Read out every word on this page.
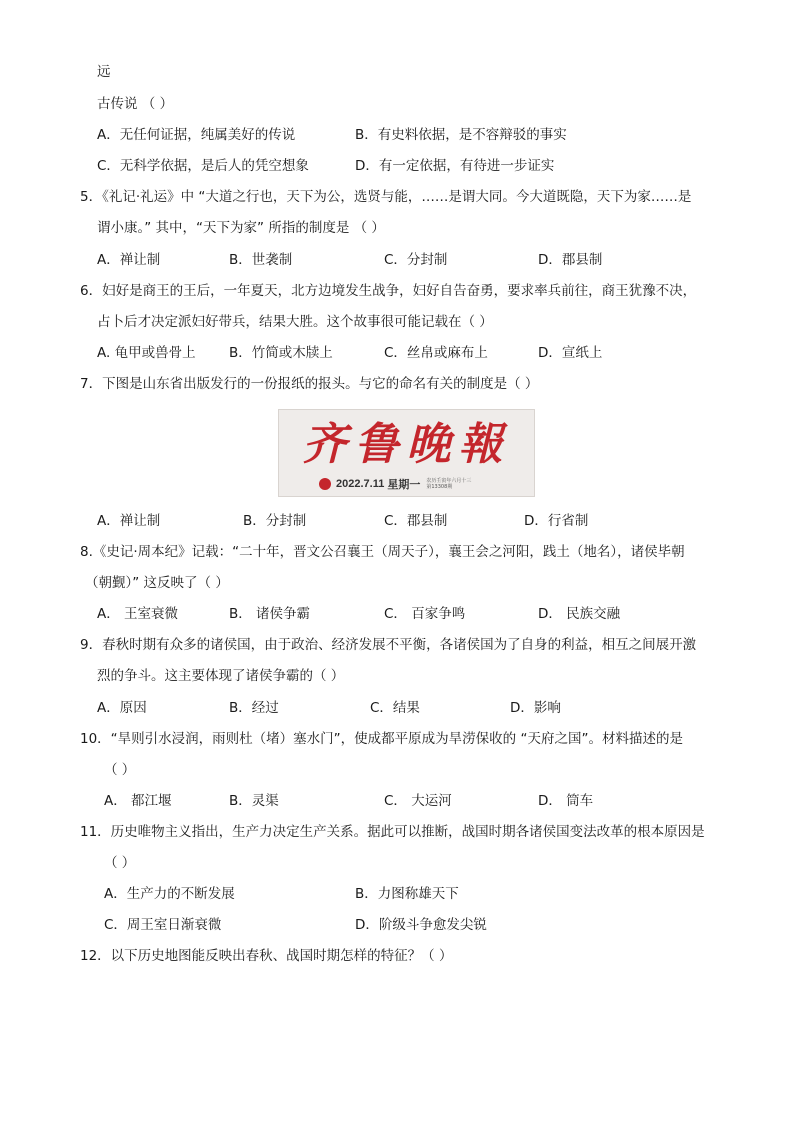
远
古传说 （ ）
A．无任何证据，纯属美好的传说	B．有史料依据，是不容辩驳的事实
C．无科学依据，是后人的凭空想象	D．有一定依据，有待进一步证实
5．《礼记·礼运》中 “大道之行也，天下为公，选贤与能，……是谓大同。今大道既隐，天下为家……是
谓小康。” 其中，“天下为家” 所指的制度是 （ ）
A．禅让制	B．世袭制	C．分封制	D．郡县制
6．妇好是商王的王后，一年夏天，北方边境发生战争，妇好自告奋勇，要求率兵前往，商王犹豫不决，
占卜后才决定派妇好带兵，结果大胜。这个故事很可能记载在（ ）
A. 龟甲或兽骨上 B．竹简或木牍上	C．丝帛或麻布上	D．宣纸上
7．下图是山东省出版发行的一份报纸的报头。与它的命名有关的制度是（ ）
齐鲁晚報
2022.7.11 星期一 农历壬寅年六月十三
第13308期
A．禅让制	B．分封制	C．郡县制	D．行省制
8.《史记·周本纪》记载：“二十年，晋文公召襄王（周天子），襄王会之河阳，践土（地名），诸侯毕朝
（朝觐）” 这反映了（ ）
A． 王室衰微	B． 诸侯争霸	C． 百家争鸣	D． 民族交融
9．春秋时期有众多的诸侯国，由于政治、经济发展不平衡，各诸侯国为了自身的利益，相互之间展开激
烈的争斗。这主要体现了诸侯争霸的（ ）
A．原因	B．经过	C．结果	D．影响
10．“旱则引水浸润，雨则杜（堵）塞水门”，使成都平原成为旱涝保收的 “天府之国”。材料描述的是
（ ）
A． 都江堰	B．灵渠	C． 大运河	D． 筒车
11．历史唯物主义指出，生产力决定生产关系。据此可以推断，战国时期各诸侯国变法改革的根本原因是
（ ）
A．生产力的不断发展	B．力图称雄天下
C．周王室日渐衰微	D．阶级斗争愈发尖锐
12．以下历史地图能反映出春秋、战国时期怎样的特征？（ ）
